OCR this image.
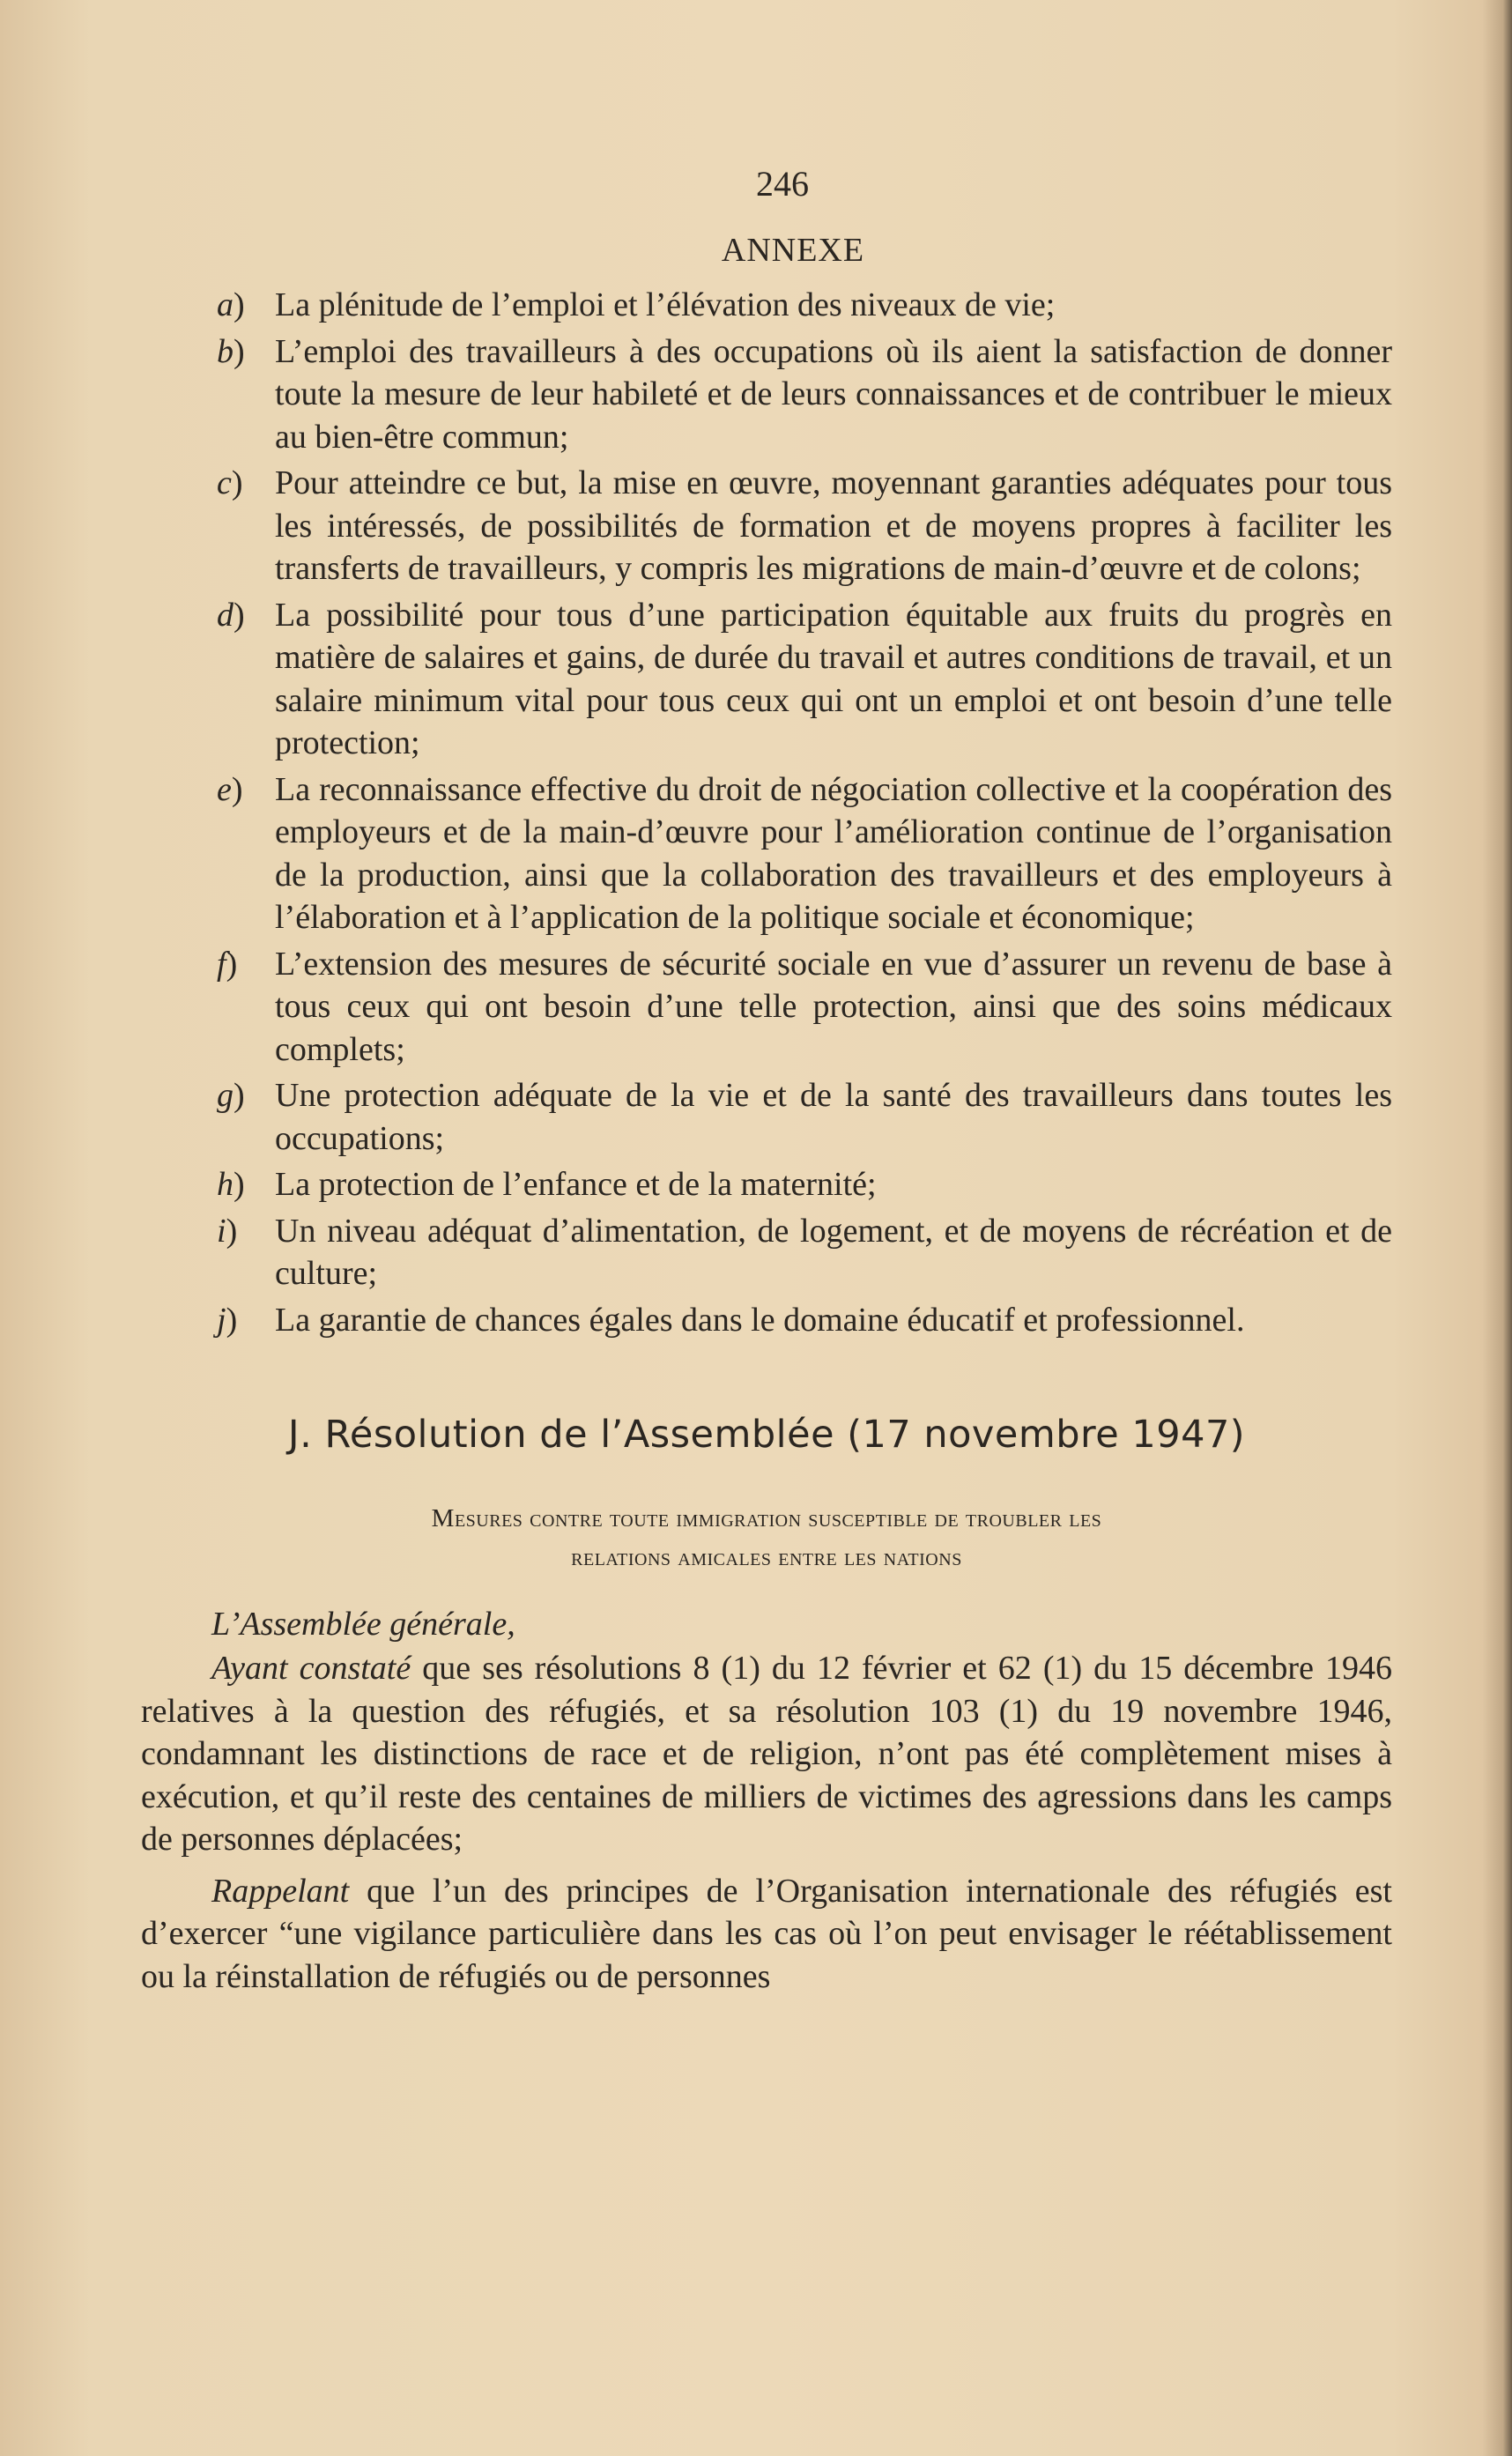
246
ANNEXE
a) La plénitude de l’emploi et l’élévation des niveaux de vie;
b) L’emploi des travailleurs à des occupations où ils aient la satisfaction de donner toute la mesure de leur habileté et de leurs connaissances et de contribuer le mieux au bien-être commun;
c) Pour atteindre ce but, la mise en œuvre, moyennant garanties adéquates pour tous les intéressés, de possibilités de formation et de moyens propres à faciliter les transferts de travailleurs, y compris les migrations de main-d’œuvre et de colons;
d) La possibilité pour tous d’une participation équitable aux fruits du progrès en matière de salaires et gains, de durée du travail et autres conditions de travail, et un salaire minimum vital pour tous ceux qui ont un emploi et ont besoin d’une telle protection;
e) La reconnaissance effective du droit de négociation collective et la coopération des employeurs et de la main-d’œuvre pour l’amélioration continue de l’organisation de la production, ainsi que la collaboration des travailleurs et des employeurs à l’élaboration et à l’application de la politique sociale et économique;
f) L’extension des mesures de sécurité sociale en vue d’assurer un revenu de base à tous ceux qui ont besoin d’une telle protection, ainsi que des soins médicaux complets;
g) Une protection adéquate de la vie et de la santé des travailleurs dans toutes les occupations;
h) La protection de l’enfance et de la maternité;
i) Un niveau adéquat d’alimentation, de logement, et de moyens de récréation et de culture;
j) La garantie de chances égales dans le domaine éducatif et professionnel.
J. Résolution de l’Assemblée (17 novembre 1947)
Mesures contre toute immigration susceptible de troubler les
relations amicales entre les nations

L’Assemblée générale,

Ayant constaté que ses résolutions 8 (1) du 12 février et 62 (1) du 15 décembre 1946 relatives à la question des réfugiés, et sa résolution 103 (1) du 19 novembre 1946, condamnant les distinctions de race et de religion, n’ont pas été complètement mises à exécution, et qu’il reste des centaines de milliers de victimes des agressions dans les camps de personnes déplacées;

Rappelant que l’un des principes de l’Organisation internationale des réfugiés est d’exercer “une vigilance particulière dans les cas où l’on peut envisager le réétablissement ou la réinstallation de réfugiés ou de personnes
